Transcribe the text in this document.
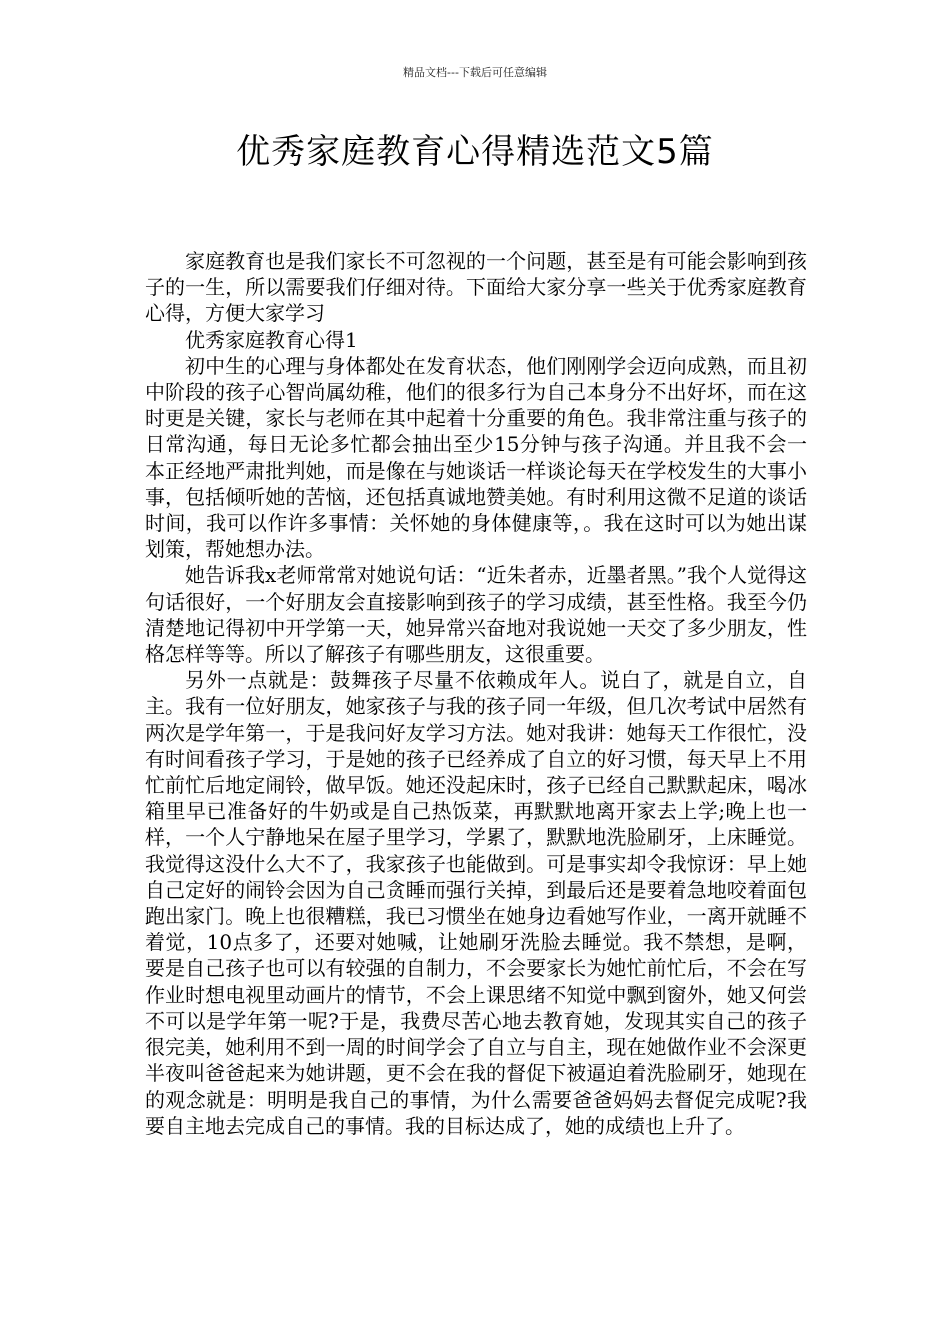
精品文档---下载后可任意编辑
优秀家庭教育心得精选范文5篇

家庭教育也是我们家长不可忽视的一个问题，甚至是有可能会影响到孩子的一生，所以需要我们仔细对待。下面给大家分享一些关于优秀家庭教育心得，方便大家学习

优秀家庭教育心得1

初中生的心理与身体都处在发育状态，他们刚刚学会迈向成熟，而且初中阶段的孩子心智尚属幼稚，他们的很多行为自己本身分不出好坏，而在这时更是关键，家长与老师在其中起着十分重要的角色。我非常注重与孩子的日常沟通，每日无论多忙都会抽出至少15分钟与孩子沟通。并且我不会一本正经地严肃批判她，而是像在与她谈话一样谈论每天在学校发生的大事小事，包括倾听她的苦恼，还包括真诚地赞美她。有时利用这微不足道的谈话时间，我可以作许多事情：关怀她的身体健康等，。我在这时可以为她出谋划策，帮她想办法。

她告诉我x老师常常对她说句话：“近朱者赤，近墨者黑。”我个人觉得这句话很好，一个好朋友会直接影响到孩子的学习成绩，甚至性格。我至今仍清楚地记得初中开学第一天，她异常兴奋地对我说她一天交了多少朋友，性格怎样等等。所以了解孩子有哪些朋友，这很重要。

另外一点就是：鼓舞孩子尽量不依赖成年人。说白了，就是自立，自主。我有一位好朋友，她家孩子与我的孩子同一年级，但几次考试中居然有两次是学年第一，于是我问好友学习方法。她对我讲：她每天工作很忙，没有时间看孩子学习，于是她的孩子已经养成了自立的好习惯，每天早上不用忙前忙后地定闹铃，做早饭。她还没起床时，孩子已经自己默默起床，喝冰箱里早已准备好的牛奶或是自己热饭菜，再默默地离开家去上学;晚上也一样，一个人宁静地呆在屋子里学习，学累了，默默地洗脸刷牙，上床睡觉。我觉得这没什么大不了，我家孩子也能做到。可是事实却令我惊讶：早上她自己定好的闹铃会因为自己贪睡而强行关掉，到最后还是要着急地咬着面包跑出家门。晚上也很糟糕，我已习惯坐在她身边看她写作业，一离开就睡不着觉，10点多了，还要对她喊，让她刷牙洗脸去睡觉。我不禁想，是啊，要是自己孩子也可以有较强的自制力，不会要家长为她忙前忙后，不会在写作业时想电视里动画片的情节，不会上课思绪不知觉中飘到窗外，她又何尝不可以是学年第一呢?于是，我费尽苦心地去教育她，发现其实自己的孩子很完美，她利用不到一周的时间学会了自立与自主，现在她做作业不会深更半夜叫爸爸起来为她讲题，更不会在我的督促下被逼迫着洗脸刷牙，她现在的观念就是：明明是我自己的事情，为什么需要爸爸妈妈去督促完成呢?我要自主地去完成自己的事情。我的目标达成了，她的成绩也上升了。
